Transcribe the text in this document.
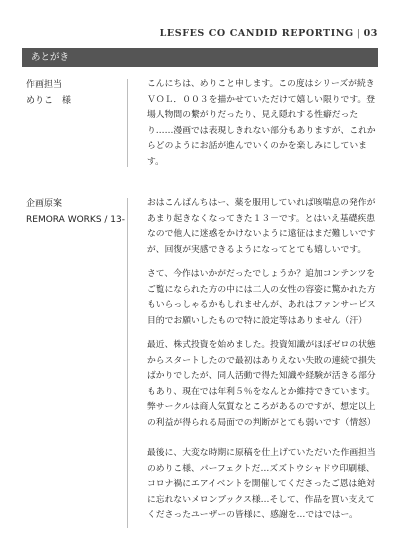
LESFES CO CANDID REPORTING | 03
あとがき
作画担当
めりこ　様

こんにちは、めりこと申します。この度はシリーズが続きＶＯＬ．００３を描かせていただけて嬉しい限りです。登場人物間の繋がりだったり、見え隠れする性癖だったり……漫画では表現しきれない部分もありますが、これからどのようにお話が進んでいくのかを楽しみにしています。

企画原案
REMORA WORKS / 13-

おはこんばんちはー、薬を服用していれば咳喘息の発作があまり起きなくなってきた１３－です。とはいえ基礎疾患なので他人に迷惑をかけないように遠征はまだ難しいですが、回復が実感できるようになってとても嬉しいです。

さて、今作はいかがだったでしょうか？追加コンテンツをご覧になられた方の中には二人の女性の容姿に驚かれた方もいらっしゃるかもしれませんが、あれはファンサービス目的でお願いしたもので特に設定等はありません（汗）

最近、株式投資を始めました。投資知識がほぼゼロの状態からスタートしたので最初はありえない失敗の連続で損失ばかりでしたが、同人活動で得た知識や経験が活きる部分もあり、現在では年利５％をなんとか維持できています。弊サークルは商人気質なところがあるのですが、想定以上の利益が得られる局面での判断がとても弱いです（情怒）

最後に、大変な時期に原稿を仕上げていただいた作画担当のめりこ様、パーフェクトだ…ズズトウシャドウ印刷様、コロナ禍にエアイベントを開催してくださったご恩は絶対に忘れないメロンブックス様…そして、作品を買い支えてくださったユーザーの皆様に、感謝を…ではではー。
